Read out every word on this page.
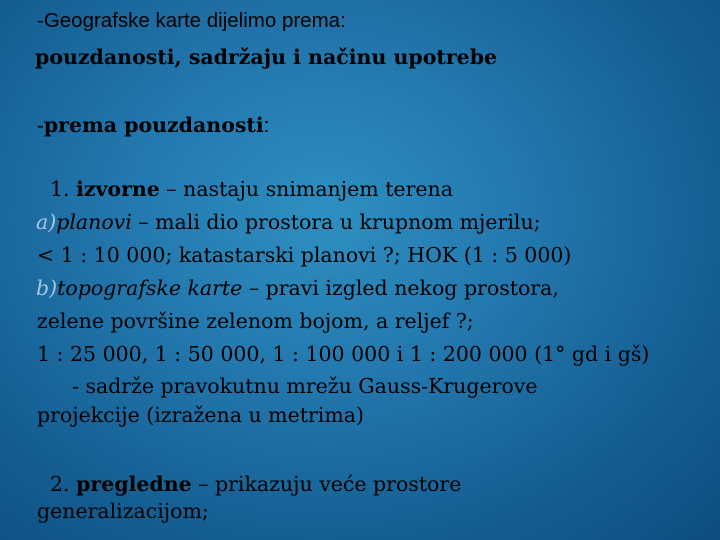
-Geografske karte dijelimo prema:
pouzdanosti, sadržaju i načinu upotrebe
-prema pouzdanosti:
1. izvorne – nastaju snimanjem terena
a)planovi – mali dio prostora u krupnom mjerilu;
< 1 : 10 000; katastarski planovi ?; HOK (1 : 5 000)
b)topografske karte – pravi izgled nekog prostora,
zelene površine zelenom bojom, a reljef ?;
1 : 25 000, 1 : 50 000, 1 : 100 000 i 1 : 200 000 (1° gd i gš)
- sadrže pravokutnu mrežu Gauss-Krugerove
projekcije (izražena u metrima)
2. pregledne – prikazuju veće prostore
generalizacijom;
